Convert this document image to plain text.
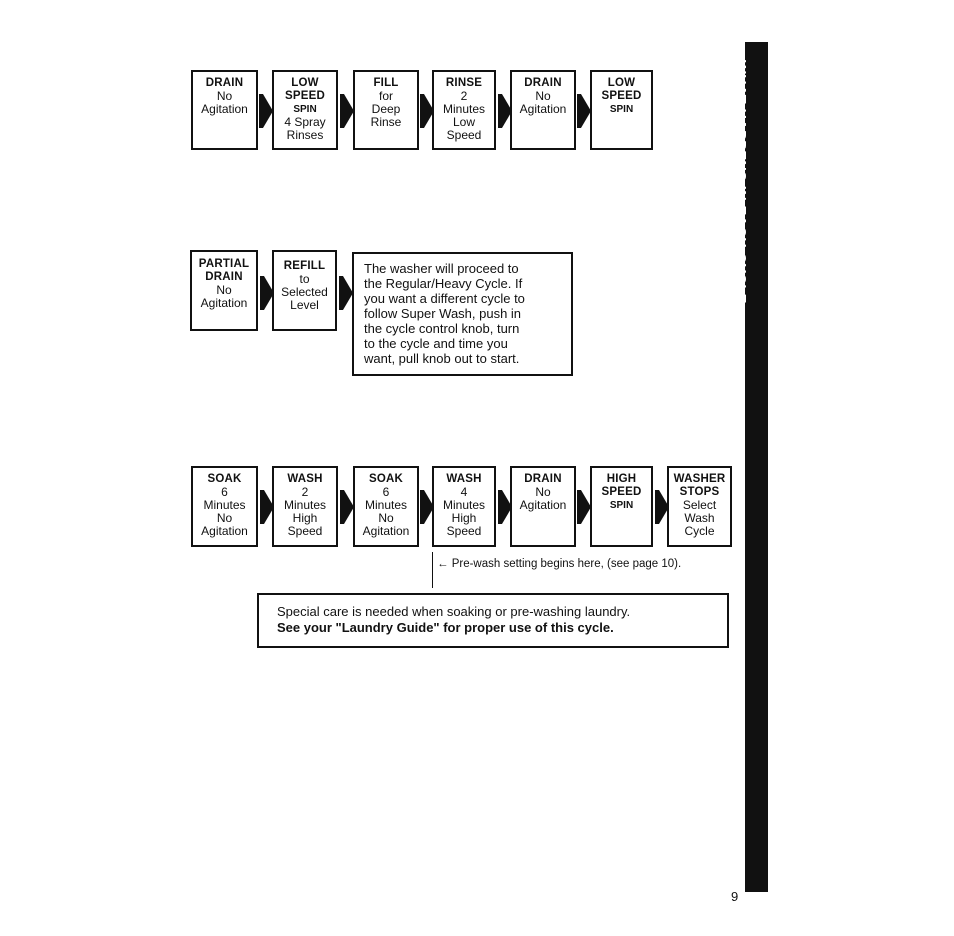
DRAIN
No
Agitation
LOW
SPEED
SPIN
4 Spray
Rinses
FILL
for
Deep
Rinse
RINSE
2
Minutes
Low
Speed
DRAIN
No
Agitation
LOW
SPEED
SPIN
PARTIAL
DRAIN
No
Agitation
REFILL
to
Selected
Level
The washer will proceed to
the Regular/Heavy Cycle. If
you want a different cycle to
follow Super Wash, push in
the cycle control knob, turn
to the cycle and time you
want, pull knob out to start.
SOAK
6
Minutes
No
Agitation
WASH
2
Minutes
High
Speed
SOAK
6
Minutes
No
Agitation
WASH
4
Minutes
High
Speed
DRAIN
No
Agitation
HIGH
SPEED
SPIN
WASHER
STOPS
Select
Wash
Cycle
← Pre-wash setting begins here, (see page 10).
Special care is needed when soaking or pre-washing laundry.
See your "Laundry Guide" for proper use of this cycle.
WHAT HAPPENS IN EACH CYCLE
9
